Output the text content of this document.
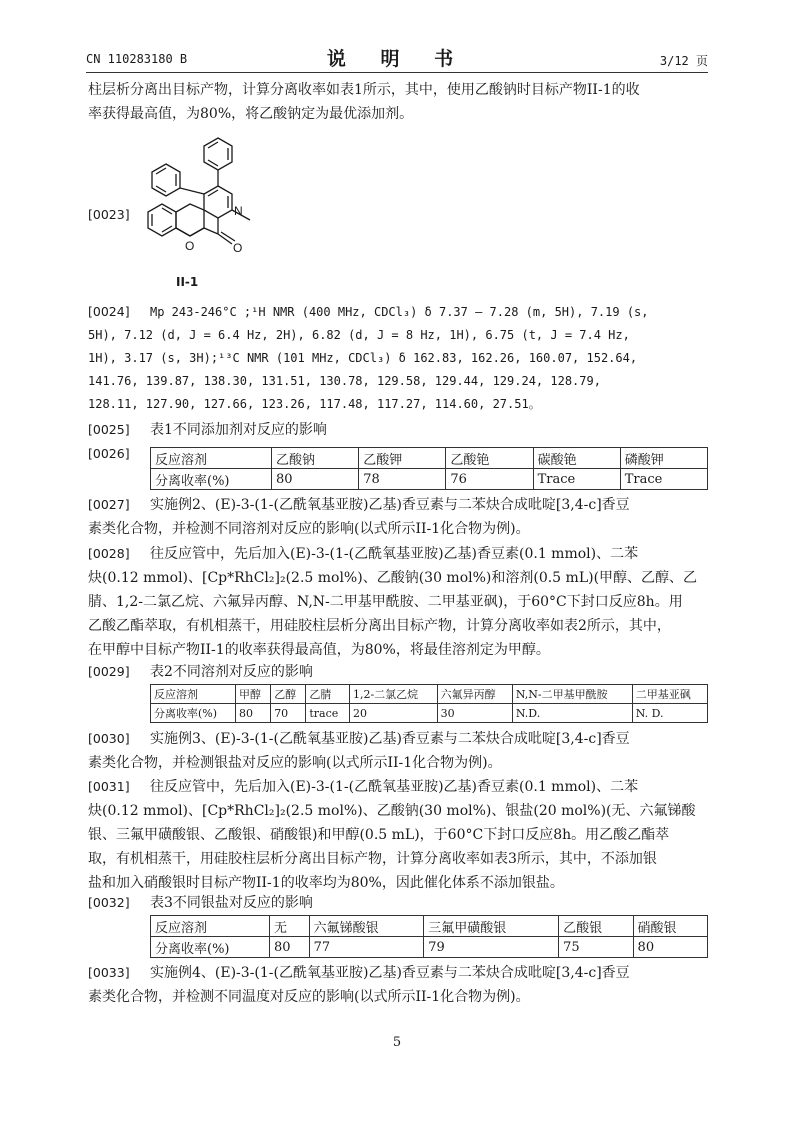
CN 110283180 B	说 明 书	3/12 页
柱层析分离出目标产物，计算分离收率如表1所示，其中，使用乙酸钠时目标产物II-1的收
率获得最高值，为80%，将乙酸钠定为最优添加剂。
[0023]	N
O	O
II-1
[0024] Mp 243-246°C ;¹H NMR (400 MHz, CDCl₃) δ 7.37 – 7.28 (m, 5H), 7.19 (s,
5H), 7.12 (d, J = 6.4 Hz, 2H), 6.82 (d, J = 8 Hz, 1H), 6.75 (t, J = 7.4 Hz,
1H), 3.17 (s, 3H);¹³C NMR (101 MHz, CDCl₃) δ 162.83, 162.26, 160.07, 152.64,
141.76, 139.87, 138.30, 131.51, 130.78, 129.58, 129.44, 129.24, 128.79,
128.11, 127.90, 127.66, 123.26, 117.48, 117.27, 114.60, 27.51。
[0025] 表1不同添加剂对反应的影响
[0026]	反应溶剂	乙酸钠	乙酸钾	乙酸铯	碳酸铯	磷酸钾
分离收率(%)	80	78	76	Trace	Trace
[0027] 实施例2、(E)-3-(1-(乙酰氧基亚胺)乙基)香豆素与二苯炔合成吡啶[3,4-c]香豆
素类化合物，并检测不同溶剂对反应的影响(以式所示II-1化合物为例)。
[0028] 往反应管中，先后加入(E)-3-(1-(乙酰氧基亚胺)乙基)香豆素(0.1 mmol)、二苯
炔(0.12 mmol)、[Cp*RhCl₂]₂(2.5 mol%)、乙酸钠(30 mol%)和溶剂(0.5 mL)(甲醇、乙醇、乙
腈、1,2-二氯乙烷、六氟异丙醇、N,N-二甲基甲酰胺、二甲基亚砜)，于60°C下封口反应8h。用
乙酸乙酯萃取，有机相蒸干，用硅胶柱层析分离出目标产物，计算分离收率如表2所示，其中，
在甲醇中目标产物II-1的收率获得最高值，为80%，将最佳溶剂定为甲醇。
[0029] 表2不同溶剂对反应的影响
反应溶剂	甲醇	乙醇	乙腈	1,2-二氯乙烷	六氟异丙醇	N,N-二甲基甲酰胺	二甲基亚砜
分离收率(%)	80	70	trace	20	30	N.D.	N. D.
[0030] 实施例3、(E)-3-(1-(乙酰氧基亚胺)乙基)香豆素与二苯炔合成吡啶[3,4-c]香豆
素类化合物，并检测银盐对反应的影响(以式所示II-1化合物为例)。
[0031] 往反应管中，先后加入(E)-3-(1-(乙酰氧基亚胺)乙基)香豆素(0.1 mmol)、二苯
炔(0.12 mmol)、[Cp*RhCl₂]₂(2.5 mol%)、乙酸钠(30 mol%)、银盐(20 mol%)(无、六氟锑酸
银、三氟甲磺酸银、乙酸银、硝酸银)和甲醇(0.5 mL)，于60°C下封口反应8h。用乙酸乙酯萃
取，有机相蒸干，用硅胶柱层析分离出目标产物，计算分离收率如表3所示，其中，不添加银
盐和加入硝酸银时目标产物II-1的收率均为80%，因此催化体系不添加银盐。
[0032] 表3不同银盐对反应的影响
反应溶剂	无	六氟锑酸银	三氟甲磺酸银	乙酸银	硝酸银
分离收率(%)	80	77	79	75	80
[0033] 实施例4、(E)-3-(1-(乙酰氧基亚胺)乙基)香豆素与二苯炔合成吡啶[3,4-c]香豆
素类化合物，并检测不同温度对反应的影响(以式所示II-1化合物为例)。
5
